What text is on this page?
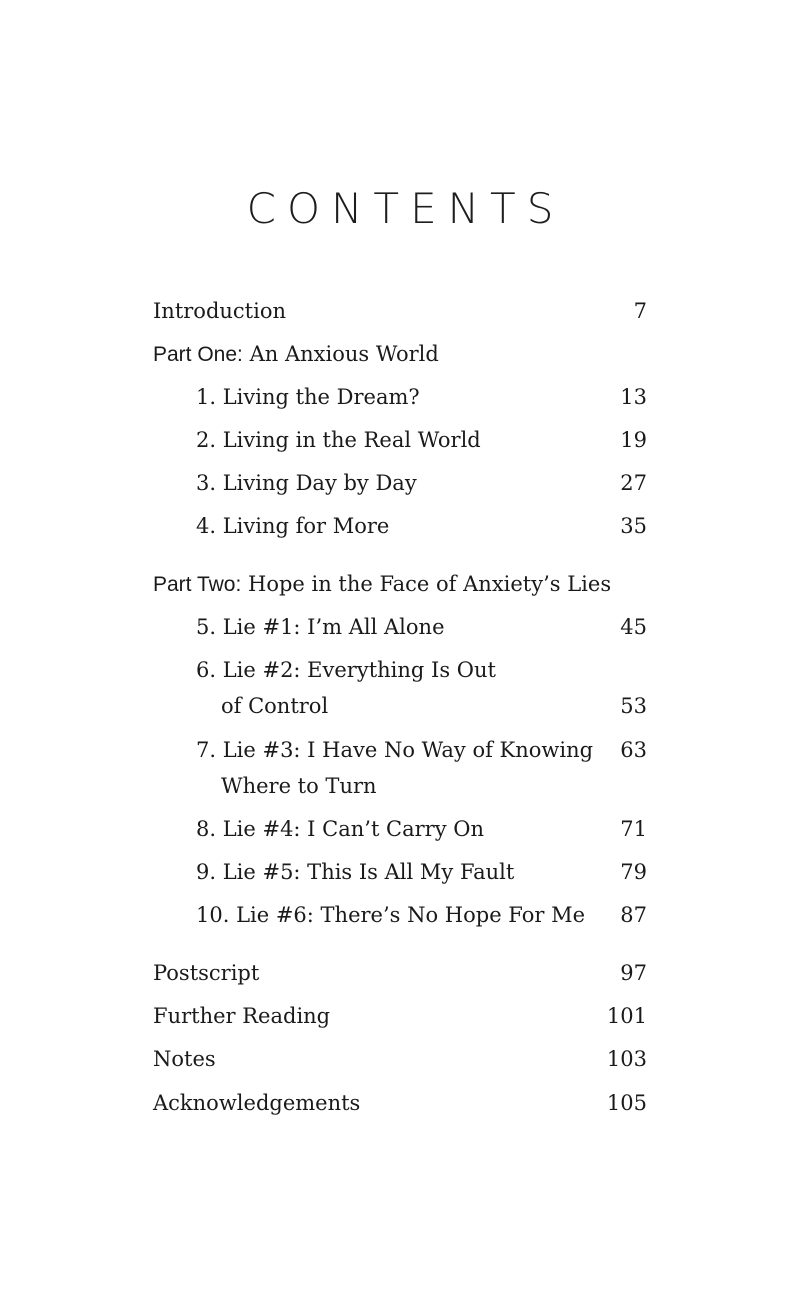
CONTENTS
Introduction	7
Part One: An Anxious World
1. Living the Dream?	13
2. Living in the Real World	19
3. Living Day by Day	27
4. Living for More	35
Part Two: Hope in the Face of Anxiety’s Lies
5. Lie #1: I’m All Alone	45
6. Lie #2: Everything Is Out
of Control	53
7. Lie #3: I Have No Way of Knowing 63
Where to Turn
8. Lie #4: I Can’t Carry On	71
9. Lie #5: This Is All My Fault	79
10. Lie #6: There’s No Hope For Me 87
Postscript	97
Further Reading	101
Notes	103
Acknowledgements	105
